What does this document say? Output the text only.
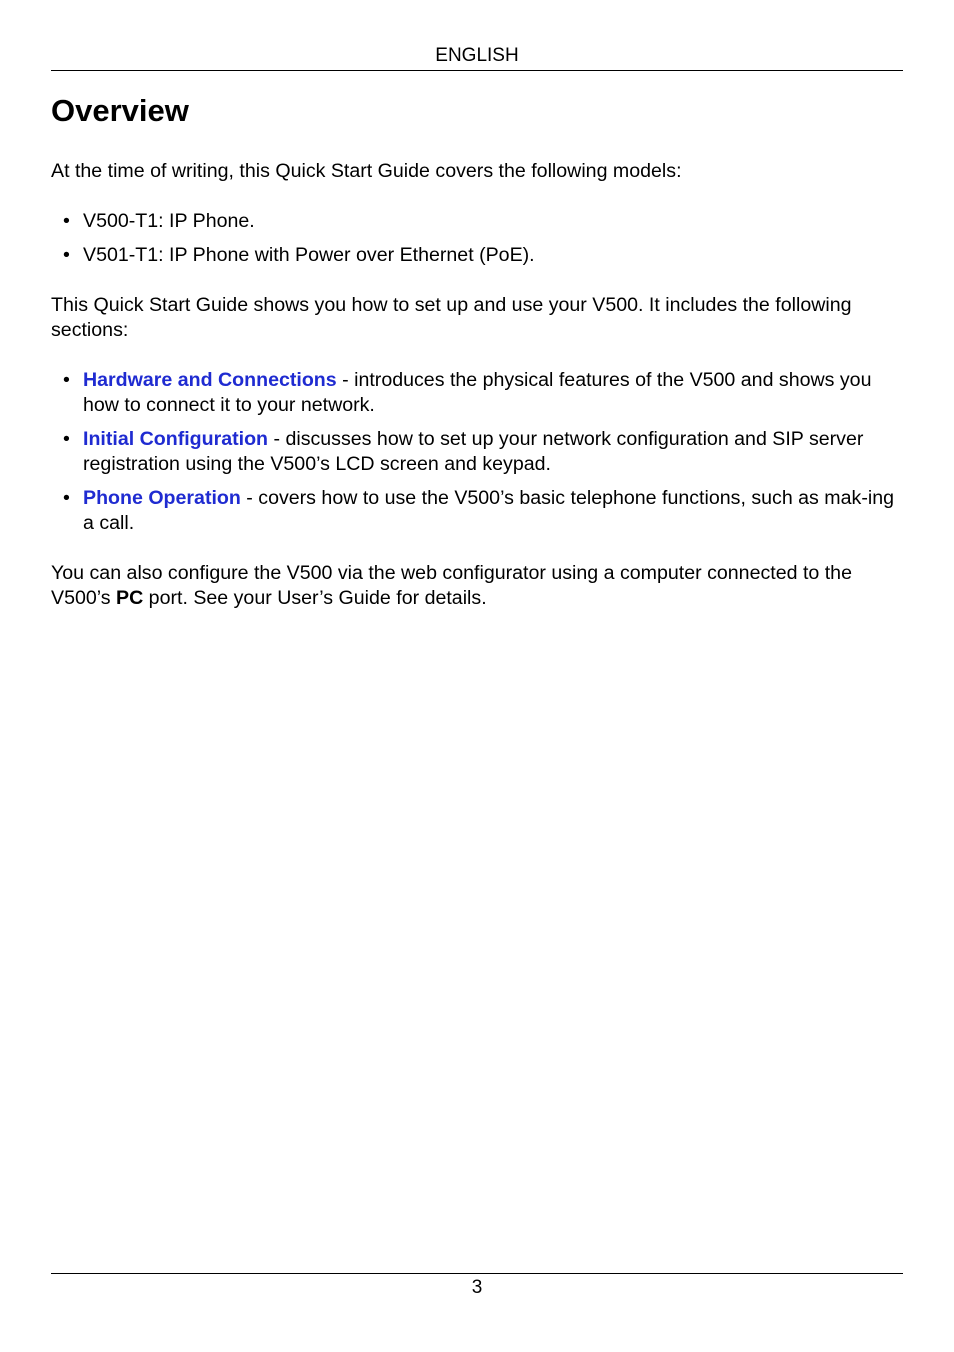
ENGLISH
Overview

At the time of writing, this Quick Start Guide covers the following models:

• V500-T1: IP Phone.
• V501-T1: IP Phone with Power over Ethernet (PoE).

This Quick Start Guide shows you how to set up and use your V500. It includes the following sections:

• Hardware and Connections - introduces the physical features of the V500 and shows you how to connect it to your network.
• Initial Configuration - discusses how to set up your network configuration and SIP server registration using the V500’s LCD screen and keypad.
• Phone Operation - covers how to use the V500’s basic telephone functions, such as mak-ing a call.

You can also configure the V500 via the web configurator using a computer connected to the V500’s PC port. See your User’s Guide for details.

3
